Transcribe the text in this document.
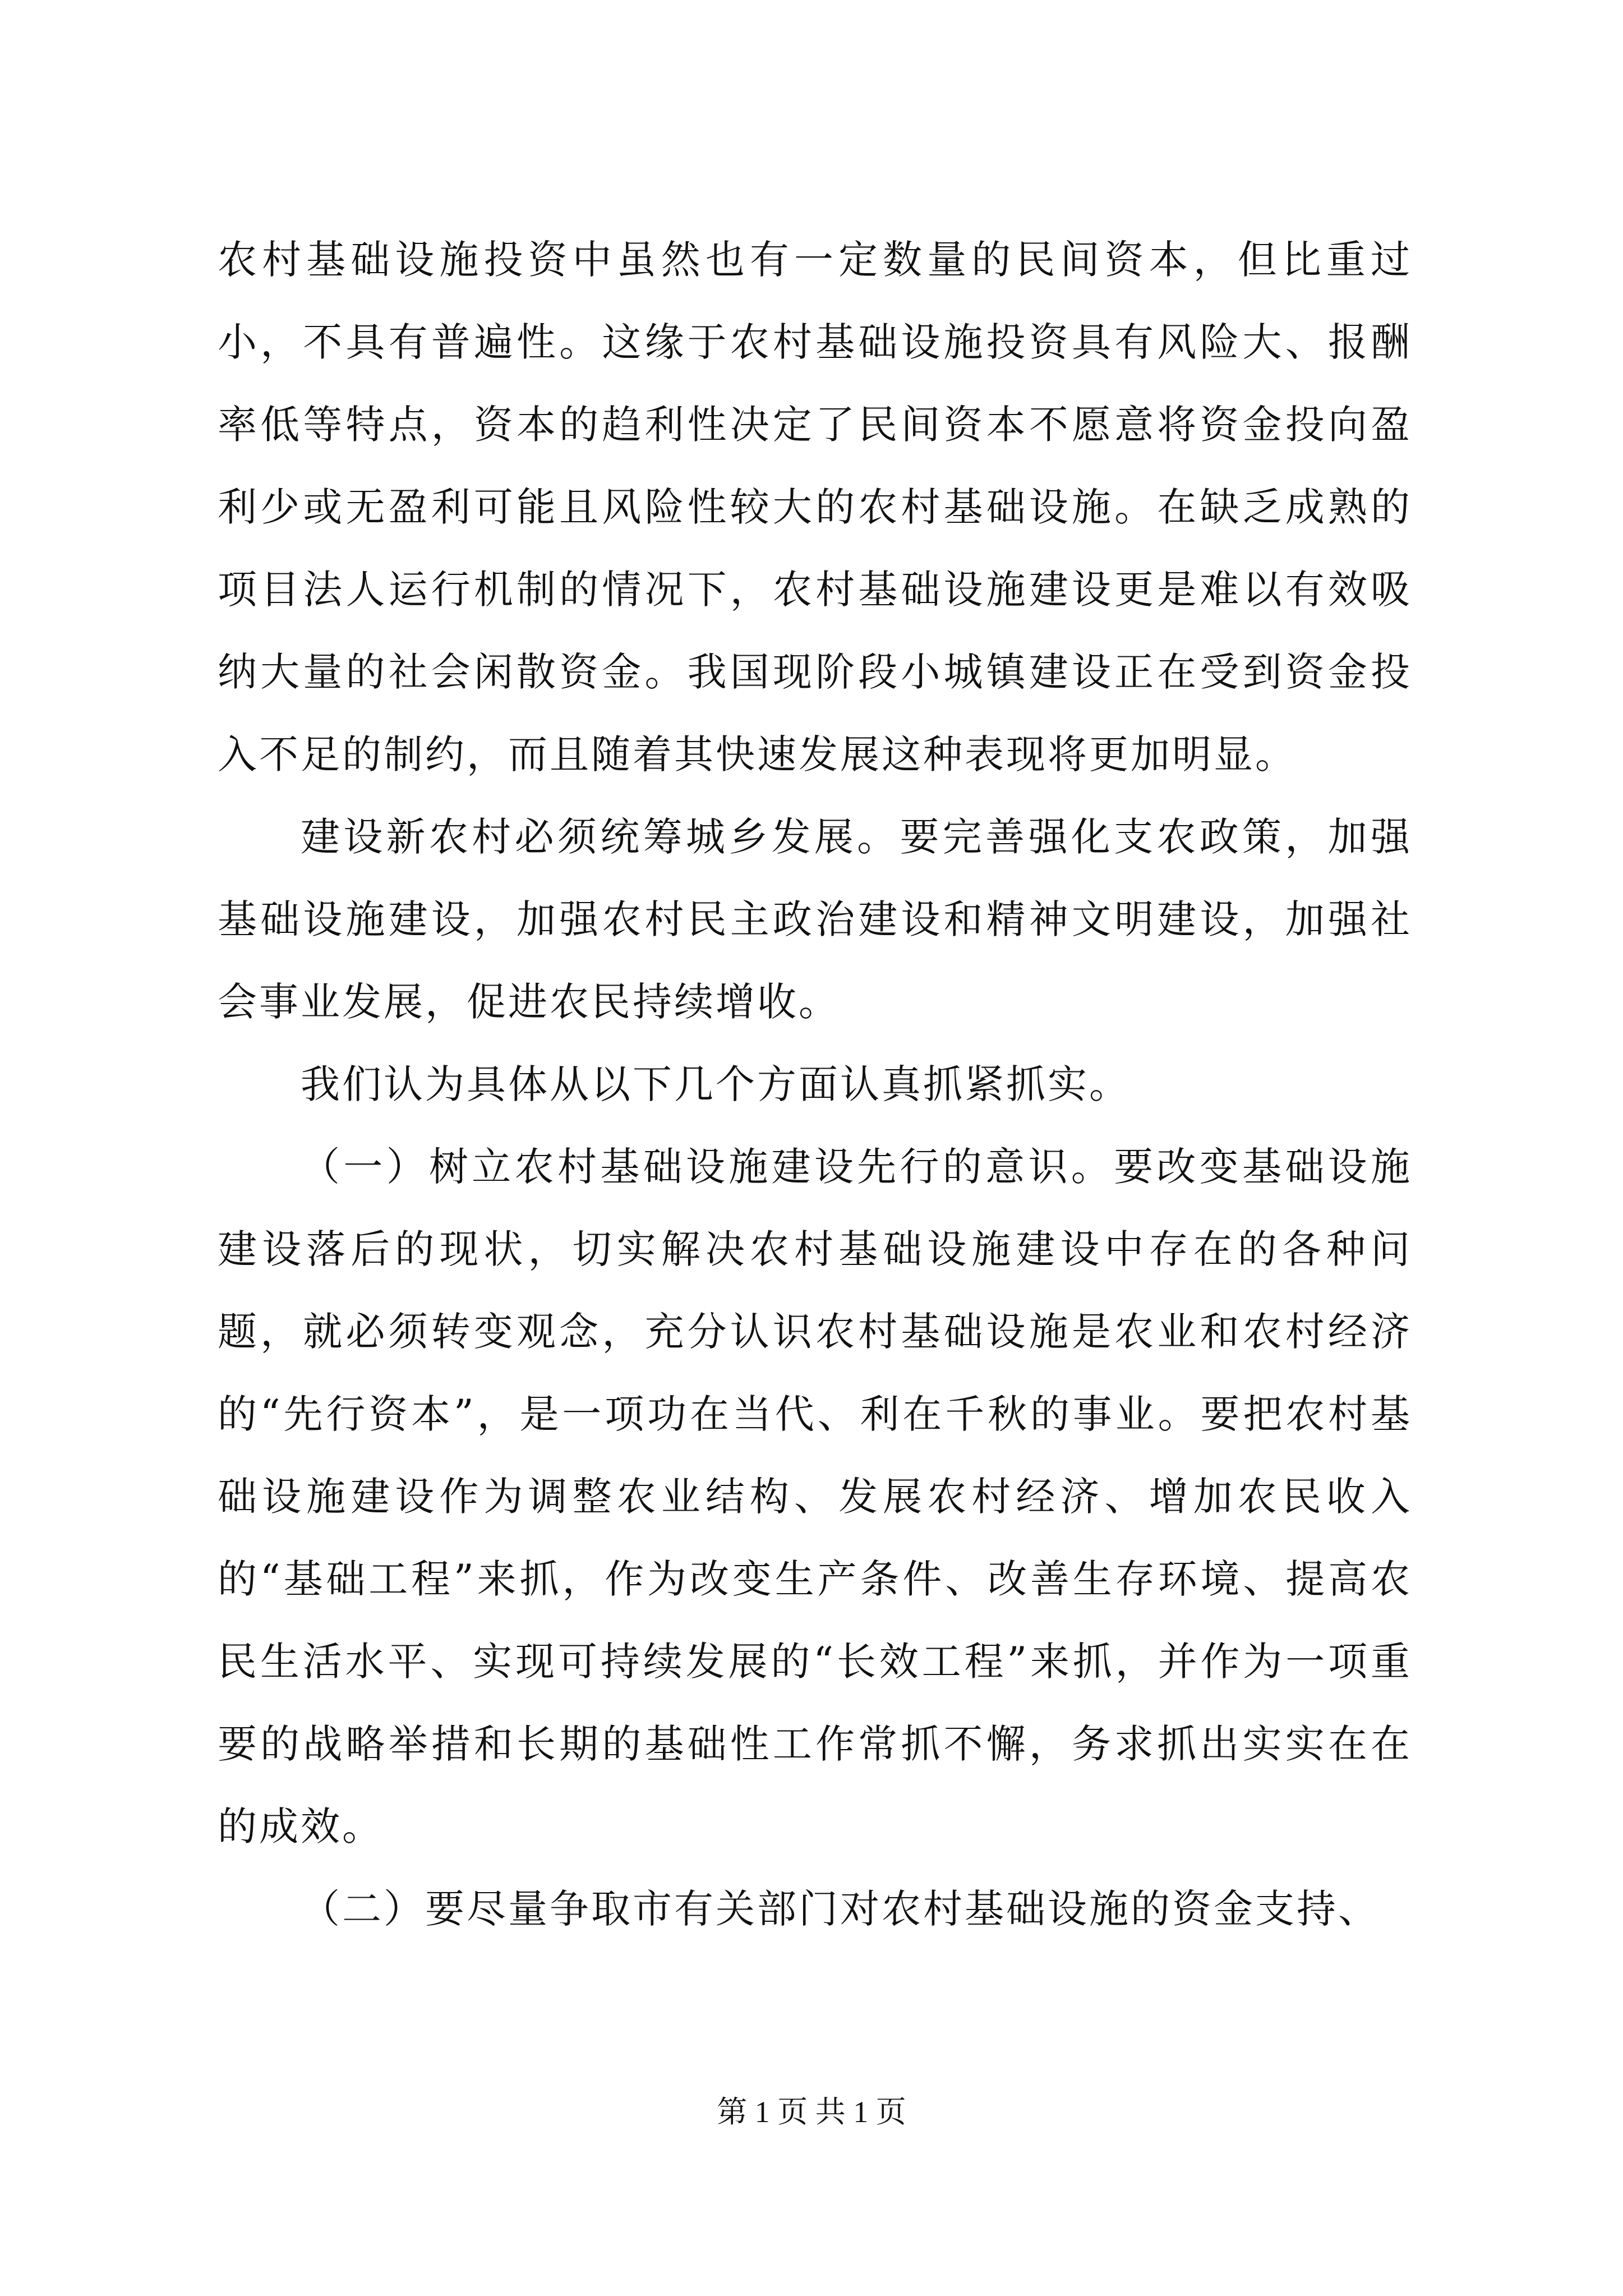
农村基础设施投资中虽然也有一定数量的民间资本，但比重过小，不具有普遍性。这缘于农村基础设施投资具有风险大、报酬率低等特点，资本的趋利性决定了民间资本不愿意将资金投向盈利少或无盈利可能且风险性较大的农村基础设施。在缺乏成熟的项目法人运行机制的情况下，农村基础设施建设更是难以有效吸纳大量的社会闲散资金。我国现阶段小城镇建设正在受到资金投入不足的制约，而且随着其快速发展这种表现将更加明显。

建设新农村必须统筹城乡发展。要完善强化支农政策，加强基础设施建设，加强农村民主政治建设和精神文明建设，加强社会事业发展，促进农民持续增收。

我们认为具体从以下几个方面认真抓紧抓实。

（一）树立农村基础设施建设先行的意识。要改变基础设施建设落后的现状，切实解决农村基础设施建设中存在的各种问题，就必须转变观念，充分认识农村基础设施是农业和农村经济的“先行资本”，是一项功在当代、利在千秋的事业。要把农村基础设施建设作为调整农业结构、发展农村经济、增加农民收入的“基础工程”来抓，作为改变生产条件、改善生存环境、提高农民生活水平、实现可持续发展的“长效工程”来抓，并作为一项重要的战略举措和长期的基础性工作常抓不懈，务求抓出实实在在的成效。

（二）要尽量争取市有关部门对农村基础设施的资金支持、

第 1 页 共 1 页
